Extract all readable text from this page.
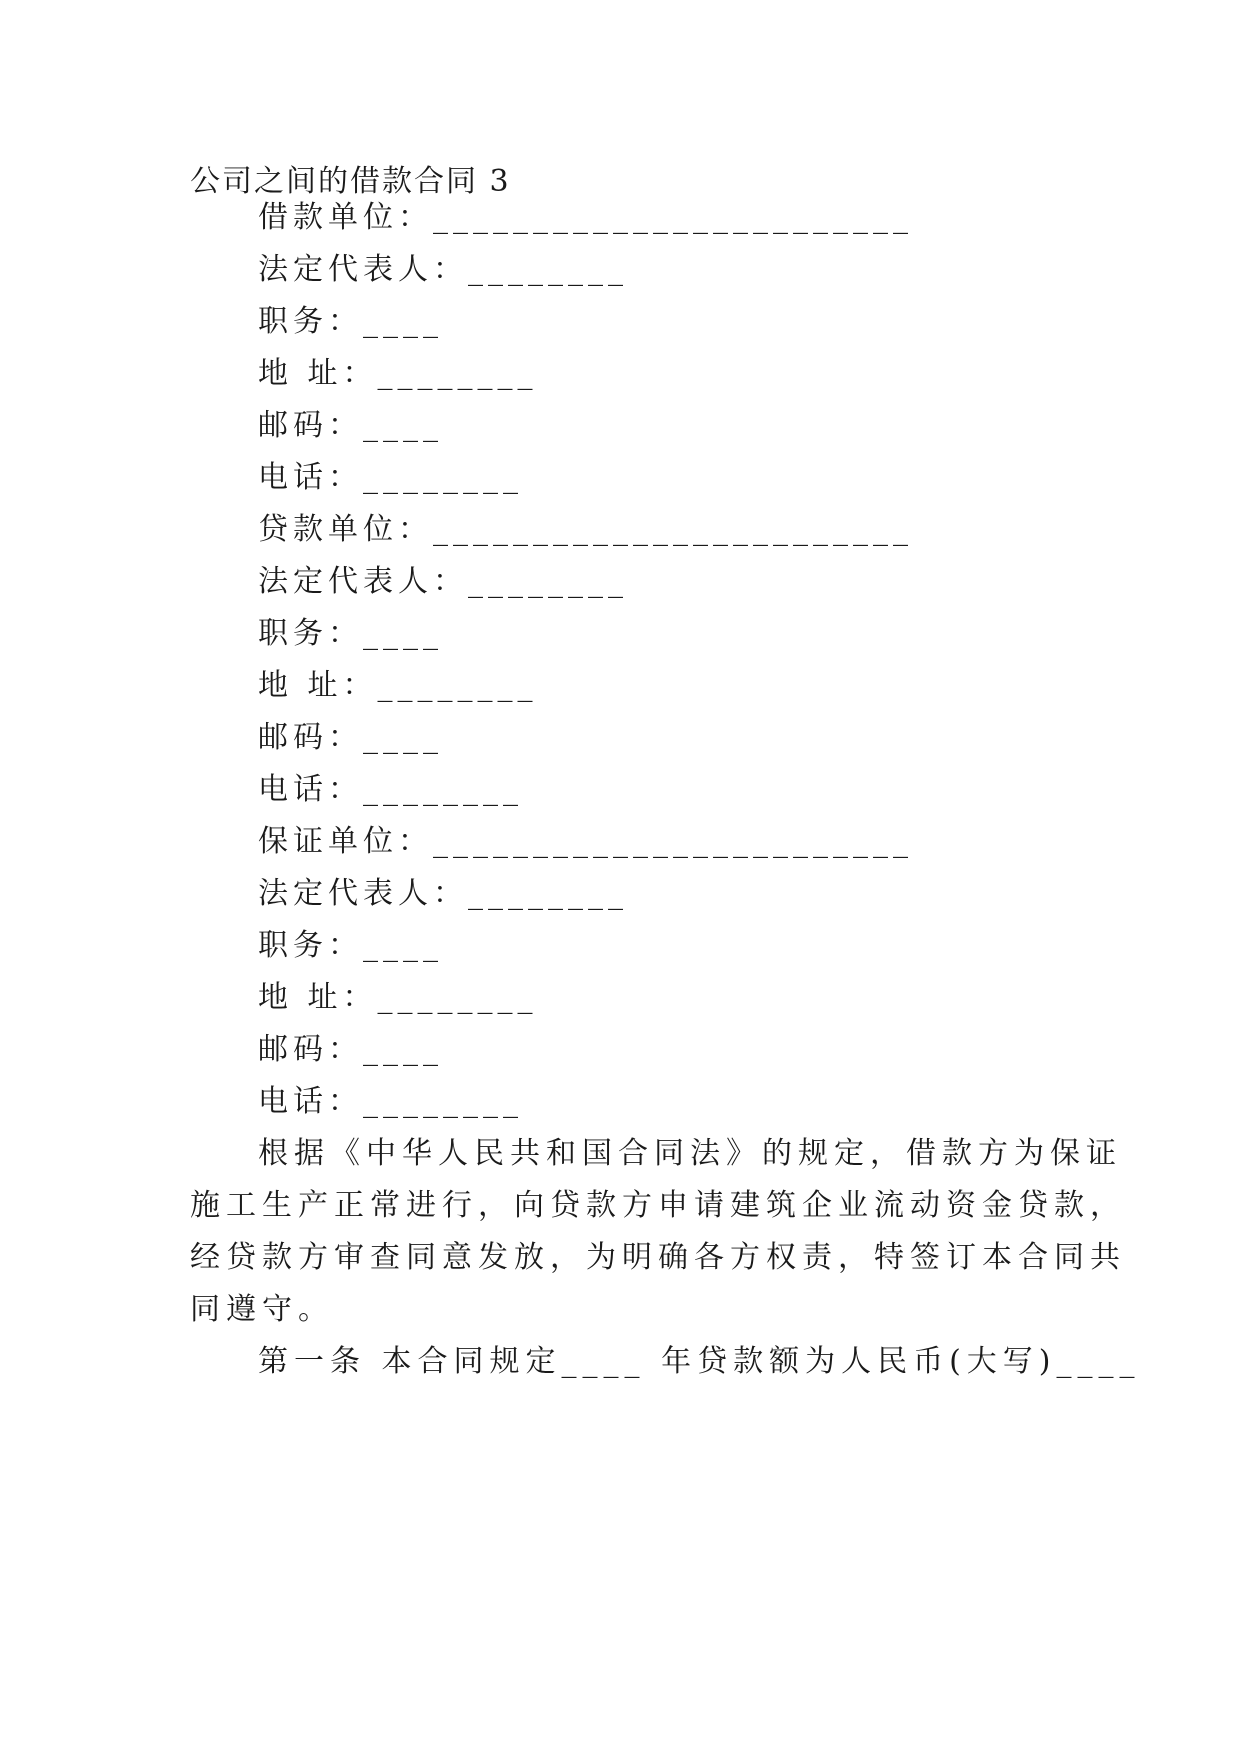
公司之间的借款合同 3
借款单位：________________________
法定代表人：________
职务：____
地 址：________
邮码：____
电话：________
贷款单位：________________________
法定代表人：________
职务：____
地 址：________
邮码：____
电话：________
保证单位：________________________
法定代表人：________
职务：____
地 址：________
邮码：____
电话：________
根据《中华人民共和国合同法》的规定，借款方为保证
施工生产正常进行，向贷款方申请建筑企业流动资金贷款，
经贷款方审查同意发放，为明确各方权责，特签订本合同共
同遵守。
第一条 本合同规定____ 年贷款额为人民币(大写)____
